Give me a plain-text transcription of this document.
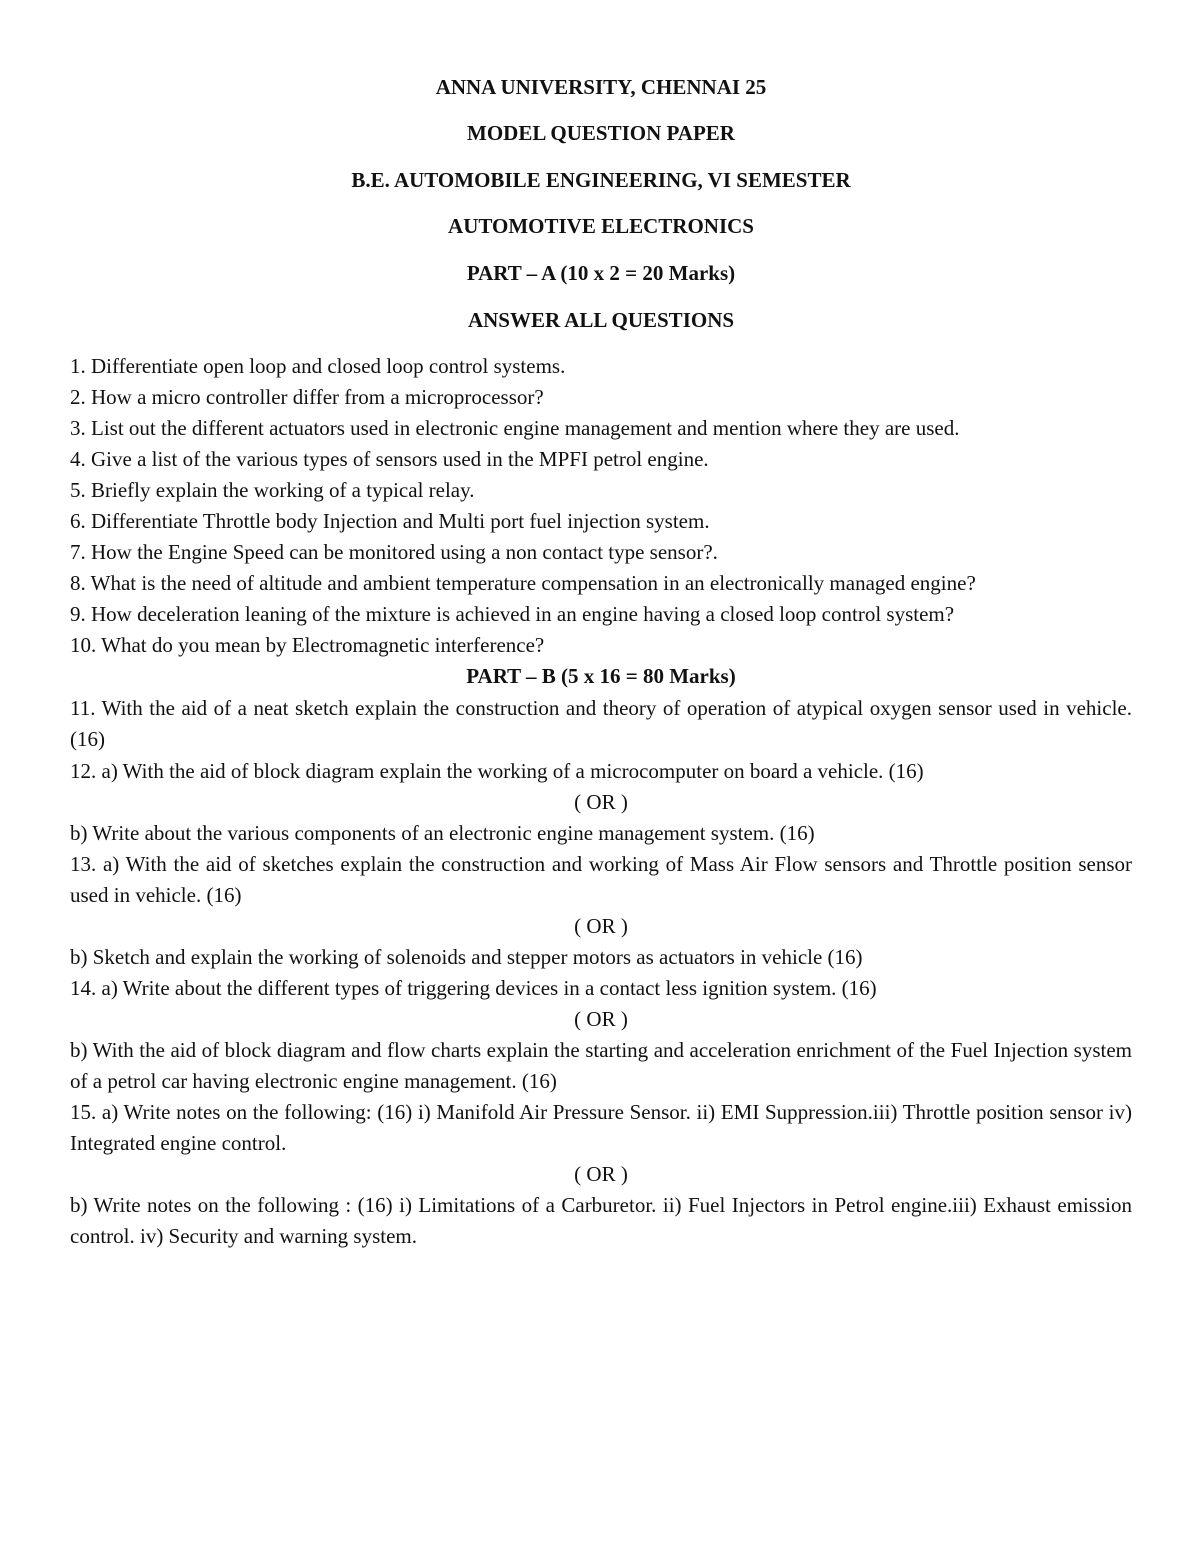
ANNA UNIVERSITY, CHENNAI 25
MODEL QUESTION PAPER
B.E. AUTOMOBILE ENGINEERING, VI SEMESTER
AUTOMOTIVE ELECTRONICS
PART – A (10 x 2 = 20 Marks)
ANSWER ALL QUESTIONS
1. Differentiate open loop and closed loop control systems.
2. How a micro controller differ from a microprocessor?
3. List out the different actuators used in electronic engine management and mention where they are used.
4. Give a list of the various types of sensors used in the MPFI petrol engine.
5. Briefly explain the working of a typical relay.
6. Differentiate Throttle body Injection and Multi port fuel injection system.
7. How the Engine Speed can be monitored using a non contact type sensor?.
8. What is the need of altitude and ambient temperature compensation in an electronically managed engine?
9. How deceleration leaning of the mixture is achieved in an engine having a closed loop control system?
10. What do you mean by Electromagnetic interference?
PART – B (5 x 16 = 80 Marks)
11. With the aid of a neat sketch explain the construction and theory of operation of atypical oxygen sensor used in vehicle. (16)
12. a) With the aid of block diagram explain the working of a microcomputer on board a vehicle. (16)
( OR )
b) Write about the various components of an electronic engine management system. (16)
13. a) With the aid of sketches explain the construction and working of Mass Air Flow sensors and Throttle position sensor used in vehicle. (16)
( OR )
b) Sketch and explain the working of solenoids and stepper motors as actuators in vehicle (16)
14. a) Write about the different types of triggering devices in a contact less ignition system. (16)
( OR )
b) With the aid of block diagram and flow charts explain the starting and acceleration enrichment of the Fuel Injection system of a petrol car having electronic engine management. (16)
15. a) Write notes on the following: (16) i) Manifold Air Pressure Sensor. ii) EMI Suppression.iii) Throttle position sensor iv) Integrated engine control.
( OR )
b) Write notes on the following : (16) i) Limitations of a Carburetor. ii) Fuel Injectors in Petrol engine.iii) Exhaust emission control. iv) Security and warning system.
